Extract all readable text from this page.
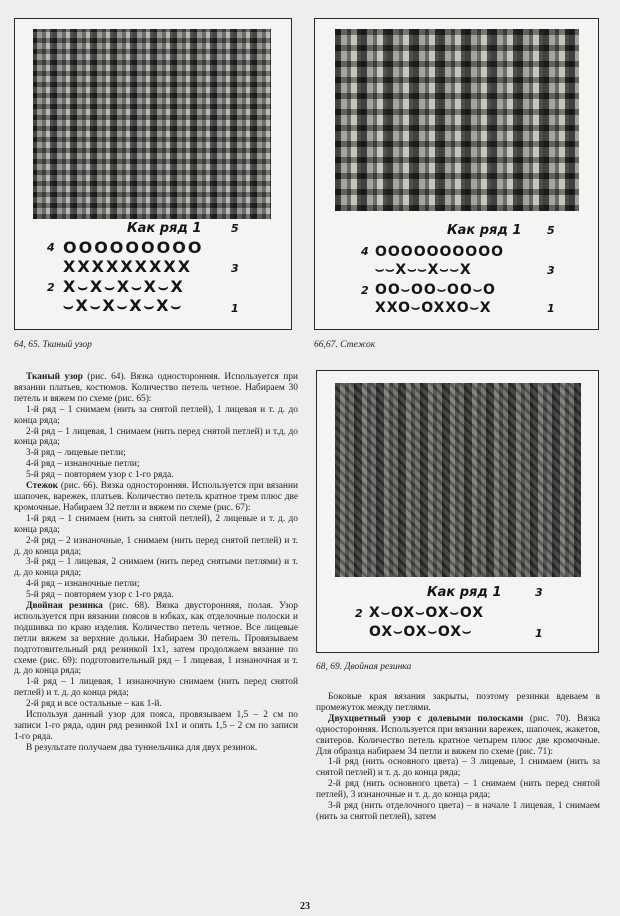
Как ряд 1	5
4 OOOOOOOOO
XXXXXXXXX	3
2 X⌣X⌣X⌣X⌣X
⌣X⌣X⌣X⌣X⌣	1
64, 65. Тканый узор
Как ряд 1 5
4 OOOOOOOOOO
⌣⌣X⌣⌣X⌣⌣X	3
2 OO⌣OO⌣OO⌣O
XXO⌣OXXO⌣X	1
66,67. Стежок
Как ряд 1	3
2 X⌣OX⌣OX⌣OX
OX⌣OX⌣OX⌣	1
68, 69. Двойная резинка

Тканый узор (рис. 64). Вязка односторонняя. Используется при вязании платьев, костюмов. Количество петель четное. Набираем 30 петель и вяжем по схеме (рис. 65):

1-й ряд – 1 снимаем (нить за снятой петлей), 1 лицевая и т. д. до конца ряда;

2-й ряд – 1 лицевая, 1 снимаем (нить перед снятой петлей) и т.д. до конца ряда;

3-й ряд – лицевые петли;

4-й ряд – изнаночные петли;

5-й ряд – повторяем узор с 1-го ряда.

Стежок (рис. 66). Вязка односторонняя. Используется при вязании шапочек, варежек, платьев. Количество петель кратное трем плюс две кромочные. Набираем 32 петли и вяжем по схеме (рис. 67):

1-й ряд – 1 снимаем (нить за снятой петлей), 2 лицевые и т. д. до конца ряда;

2-й ряд – 2 изнаночные, 1 снимаем (нить перед снятой петлей) и т. д. до конца ряда;

3-й ряд – 1 лицевая, 2 снимаем (нить перед снятыми петлями) и т. д. до конца ряда;

4-й ряд – изнаночные петли;

5-й ряд – повторяем узор с 1-го ряда.

Двойная резинка (рис. 68). Вязка двусторонняя, полая. Узор используется при вязании поясов в юбках, как отделочные полоски и подшивка по краю изделия. Количество петель четное. Все лицевые петли вяжем за верхние дольки. Набираем 30 петель. Провязываем подготовительный ряд резинкой 1x1, затем продолжаем вязание по схеме (рис. 69): подготовительный ряд – 1 лицевая, 1 изнаночная и т. д. до конца ряда;

1-й ряд – 1 лицевая, 1 изнаночную снимаем (нить перед снятой петлей) и т. д. до конца ряда;

2-й ряд и все остальные – как 1-й.

Используя данный узор для пояса, провязываем 1,5 – 2 см по записи 1-го ряда, один ряд резинкой 1x1 и опять 1,5 – 2 см по записи 1-го ряда.

В результате получаем два туннельчика для двух резинок.

Боковые края вязания закрыты, поэтому резинки вдеваем в промежуток между петлями.

Двухцветный узор с долевыми полосками (рис. 70). Вязка односторонняя. Используется при вязании варежек, шапочек, жакетов, свитеров. Количество петель кратное четырем плюс две кромочные. Для образца набираем 34 петли и вяжем по схеме (рис. 71):

1-й ряд (нить основного цвета) – 3 лицевые, 1 снимаем (нить за снятой петлей) и т. д. до конца ряда;

2-й ряд (нить основного цвета) – 1 снимаем (нить перед снятой петлей), 3 изнаночные и т. д. до конца ряда;

3-й ряд (нить отделочного цвета) – в начале 1 лицевая, 1 снимаем (нить за снятой петлей), затем

23
